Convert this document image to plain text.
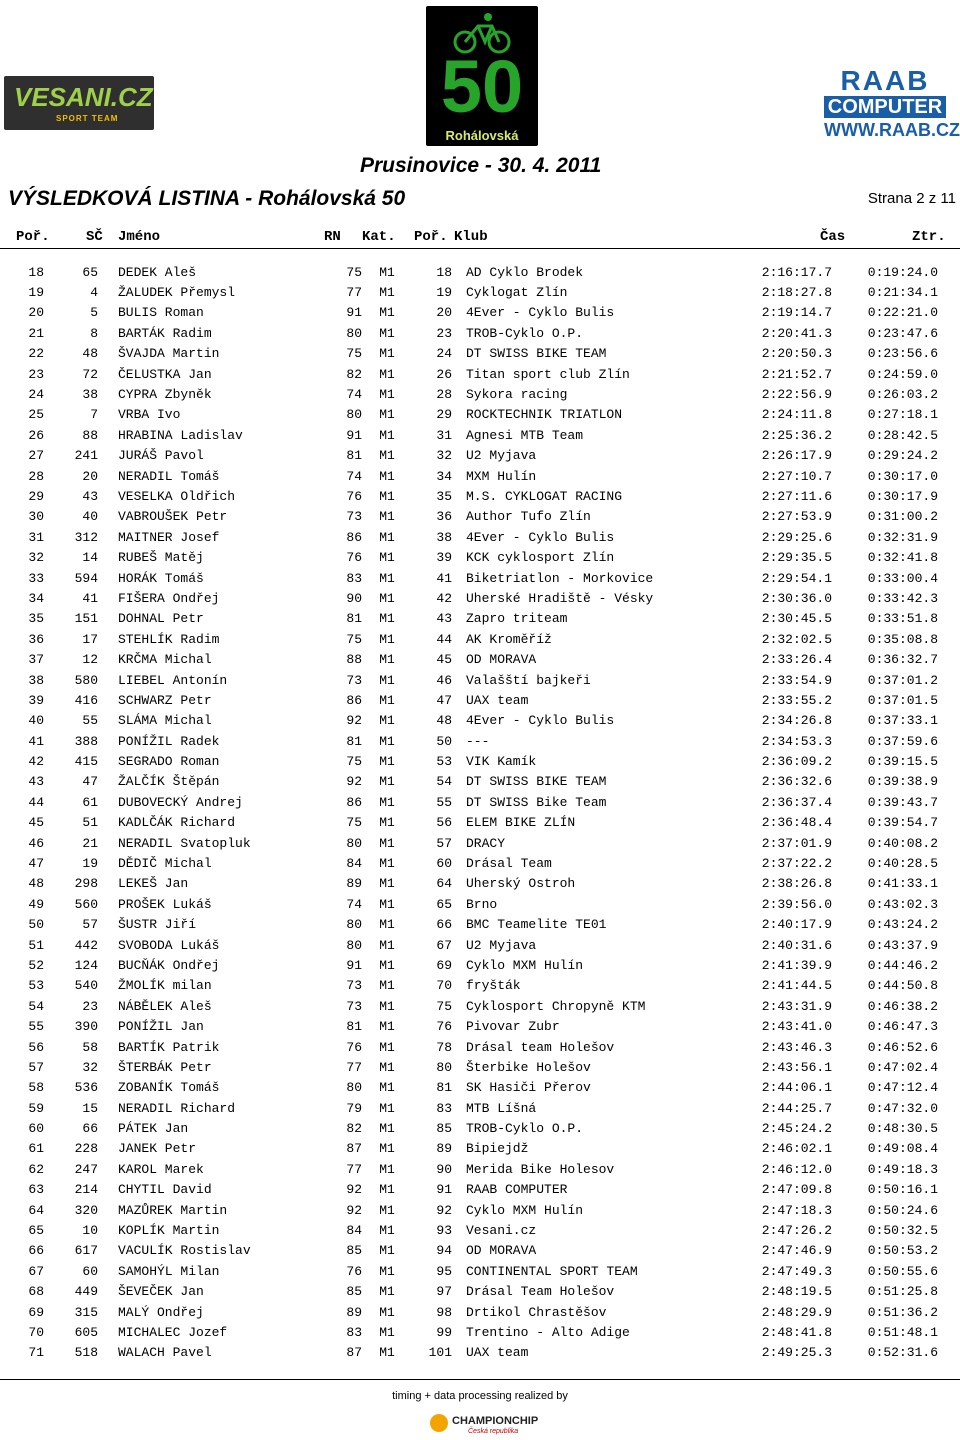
VESANI.CZ
SPORT TEAM	50
Rohálovská
RAAB
COMPUTER
WWW.RAAB.CZ
Prusinovice - 30. 4. 2011
VÝSLEDKOVÁ LISTINA - Rohálovská 50	Strana 2 z 11
Poř.	SČ Jméno	RN Kat. Poř. Klub	Čas	Ztr.
18	65	DEDEK Aleš	75	M1	18	AD Cyklo Brodek	2:16:17.7	0:19:24.0
19	4	ŽALUDEK Přemysl	77	M1	19	Cyklogat Zlín	2:18:27.8	0:21:34.1
20	5	BULIS Roman	91	M1	20	4Ever - Cyklo Bulis	2:19:14.7	0:22:21.0
21	8	BARTÁK Radim	80	M1	23	TROB-Cyklo O.P.	2:20:41.3	0:23:47.6
22	48	ŠVAJDA Martin	75	M1	24	DT SWISS BIKE TEAM	2:20:50.3	0:23:56.6
23	72	ČELUSTKA Jan	82	M1	26	Titan sport club Zlín	2:21:52.7	0:24:59.0
24	38	CYPRA Zbyněk	74	M1	28	Sykora racing	2:22:56.9	0:26:03.2
25	7	VRBA Ivo	80	M1	29	ROCKTECHNIK TRIATLON	2:24:11.8	0:27:18.1
26	88	HRABINA Ladislav	91	M1	31	Agnesi MTB Team	2:25:36.2	0:28:42.5
27	241	JURÁŠ Pavol	81	M1	32	U2 Myjava	2:26:17.9	0:29:24.2
28	20	NERADIL Tomáš	74	M1	34	MXM Hulín	2:27:10.7	0:30:17.0
29	43	VESELKA Oldřich	76	M1	35	M.S. CYKLOGAT RACING	2:27:11.6	0:30:17.9
30	40	VABROUŠEK Petr	73	M1	36	Author Tufo Zlín	2:27:53.9	0:31:00.2
31	312	MAITNER Josef	86	M1	38	4Ever - Cyklo Bulis	2:29:25.6	0:32:31.9
32	14	RUBEŠ Matěj	76	M1	39	KCK cyklosport Zlín	2:29:35.5	0:32:41.8
33	594	HORÁK Tomáš	83	M1	41	Biketriatlon - Morkovice	2:29:54.1	0:33:00.4
34	41	FIŠERA Ondřej	90	M1	42	Uherské Hradiště - Vésky	2:30:36.0	0:33:42.3
35	151	DOHNAL Petr	81	M1	43	Zapro triteam	2:30:45.5	0:33:51.8
36	17	STEHLÍK Radim	75	M1	44	AK Kroměříž	2:32:02.5	0:35:08.8
37	12	KRČMA Michal	88	M1	45	OD MORAVA	2:33:26.4	0:36:32.7
38	580	LIEBEL Antonín	73	M1	46	Valašští bajkeři	2:33:54.9	0:37:01.2
39	416	SCHWARZ Petr	86	M1	47	UAX team	2:33:55.2	0:37:01.5
40	55	SLÁMA Michal	92	M1	48	4Ever - Cyklo Bulis	2:34:26.8	0:37:33.1
41	388	PONÍŽIL Radek	81	M1	50	---	2:34:53.3	0:37:59.6
42	415	SEGRADO Roman	75	M1	53	VIK Kamík	2:36:09.2	0:39:15.5
43	47	ŽALČÍK Štěpán	92	M1	54	DT SWISS BIKE TEAM	2:36:32.6	0:39:38.9
44	61	DUBOVECKÝ Andrej	86	M1	55	DT SWISS Bike Team	2:36:37.4	0:39:43.7
45	51	KADLČÁK Richard	75	M1	56	ELEM BIKE ZLÍN	2:36:48.4	0:39:54.7
46	21	NERADIL Svatopluk	80	M1	57	DRACY	2:37:01.9	0:40:08.2
47	19	DĚDIČ Michal	84	M1	60	Drásal Team	2:37:22.2	0:40:28.5
48	298	LEKEŠ Jan	89	M1	64	Uherský Ostroh	2:38:26.8	0:41:33.1
49	560	PROŠEK Lukáš	74	M1	65	Brno	2:39:56.0	0:43:02.3
50	57	ŠUSTR Jiří	80	M1	66	BMC Teamelite TE01	2:40:17.9	0:43:24.2
51	442	SVOBODA Lukáš	80	M1	67	U2 Myjava	2:40:31.6	0:43:37.9
52	124	BUCŇÁK Ondřej	91	M1	69	Cyklo MXM Hulín	2:41:39.9	0:44:46.2
53	540	ŽMOLÍK milan	73	M1	70	fryšták	2:41:44.5	0:44:50.8
54	23	NÁBĚLEK Aleš	73	M1	75	Cyklosport Chropyně KTM	2:43:31.9	0:46:38.2
55	390	PONÍŽIL Jan	81	M1	76	Pivovar Zubr	2:43:41.0	0:46:47.3
56	58	BARTÍK Patrik	76	M1	78	Drásal team Holešov	2:43:46.3	0:46:52.6
57	32	ŠTERBÁK Petr	77	M1	80	Šterbike Holešov	2:43:56.1	0:47:02.4
58	536	ZOBANÍK Tomáš	80	M1	81	SK Hasiči Přerov	2:44:06.1	0:47:12.4
59	15	NERADIL Richard	79	M1	83	MTB Líšná	2:44:25.7	0:47:32.0
60	66	PÁTEK Jan	82	M1	85	TROB-Cyklo O.P.	2:45:24.2	0:48:30.5
61	228	JANEK Petr	87	M1	89	Bipiejdž	2:46:02.1	0:49:08.4
62	247	KAROL Marek	77	M1	90	Merida Bike Holesov	2:46:12.0	0:49:18.3
63	214	CHYTIL David	92	M1	91	RAAB COMPUTER	2:47:09.8	0:50:16.1
64	320	MAZŮREK Martin	92	M1	92	Cyklo MXM Hulín	2:47:18.3	0:50:24.6
65	10	KOPLÍK Martin	84	M1	93	Vesani.cz	2:47:26.2	0:50:32.5
66	617	VACULÍK Rostislav	85	M1	94	OD MORAVA	2:47:46.9	0:50:53.2
67	60	SAMOHÝL Milan	76	M1	95	CONTINENTAL SPORT TEAM	2:47:49.3	0:50:55.6
68	449	ŠEVEČEK Jan	85	M1	97	Drásal Team Holešov	2:48:19.5	0:51:25.8
69	315	MALÝ Ondřej	89	M1	98	Drtikol Chrastěšov	2:48:29.9	0:51:36.2
70	605	MICHALEC Jozef	83	M1	99	Trentino - Alto Adige	2:48:41.8	0:51:48.1
71	518	WALACH Pavel	87	M1	101	UAX team	2:49:25.3	0:52:31.6
timing + data processing realized by
CHAMPIONCHIP
Česká republika
